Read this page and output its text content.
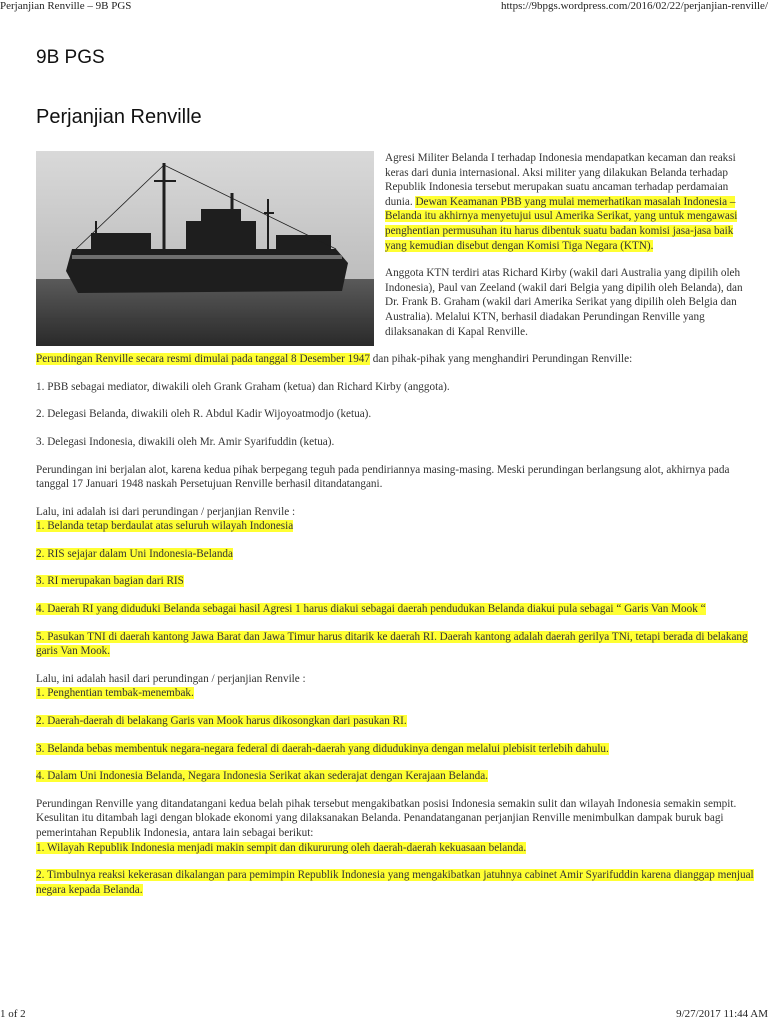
Perjanjian Renville – 9B PGS	https://9bpgs.wordpress.com/2016/02/22/perjanjian-renville/
9B PGS
Perjanjian Renville

Agresi Militer Belanda I terhadap Indonesia mendapatkan kecaman dan reaksi keras dari dunia internasional. Aksi militer yang dilakukan Belanda terhadap Republik Indonesia tersebut merupakan suatu ancaman terhadap perdamaian dunia. Dewan Keamanan PBB yang mulai memerhatikan masalah Indonesia – Belanda itu akhirnya menyetujui usul Amerika Serikat, yang untuk mengawasi penghentian permusuhan itu harus dibentuk suatu badan komisi jasa-jasa baik yang kemudian disebut dengan Komisi Tiga Negara (KTN).

Anggota KTN terdiri atas Richard Kirby (wakil dari Australia yang dipilih oleh Indonesia), Paul van Zeeland (wakil dari Belgia yang dipilih oleh Belanda), dan Dr. Frank B. Graham (wakil dari Amerika Serikat yang dipilih oleh Belgia dan Australia). Melalui KTN, berhasil diadakan Perundingan Renville yang dilaksanakan di Kapal Renville.

Perundingan Renville secara resmi dimulai pada tanggal 8 Desember 1947 dan pihak-pihak yang menghandiri Perundingan Renville:

1. PBB sebagai mediator, diwakili oleh Grank Graham (ketua) dan Richard Kirby (anggota).

2. Delegasi Belanda, diwakili oleh R. Abdul Kadir Wijoyoatmodjo (ketua).

3. Delegasi Indonesia, diwakili oleh Mr. Amir Syarifuddin (ketua).

Perundingan ini berjalan alot, karena kedua pihak berpegang teguh pada pendiriannya masing-masing. Meski perundingan berlangsung alot, akhirnya pada tanggal 17 Januari 1948 naskah Persetujuan Renville berhasil ditandatangani.

Lalu, ini adalah isi dari perundingan / perjanjian Renvile :

1. Belanda tetap berdaulat atas seluruh wilayah Indonesia

2. RIS sejajar dalam Uni Indonesia-Belanda

3. RI merupakan bagian dari RIS

4. Daerah RI yang diduduki Belanda sebagai hasil Agresi 1 harus diakui sebagai daerah pendudukan Belanda diakui pula sebagai “ Garis Van Mook “

5. Pasukan TNI di daerah kantong Jawa Barat dan Jawa Timur harus ditarik ke daerah RI. Daerah kantong adalah daerah gerilya TNi, tetapi berada di belakang garis Van Mook.

Lalu, ini adalah hasil dari perundingan / perjanjian Renvile :

1. Penghentian tembak-menembak.

2. Daerah-daerah di belakang Garis van Mook harus dikosongkan dari pasukan RI.

3. Belanda bebas membentuk negara-negara federal di daerah-daerah yang didudukinya dengan melalui plebisit terlebih dahulu.

4. Dalam Uni Indonesia Belanda, Negara Indonesia Serikat akan sederajat dengan Kerajaan Belanda.

Perundingan Renville yang ditandatangani kedua belah pihak tersebut mengakibatkan posisi Indonesia semakin sulit dan wilayah Indonesia semakin sempit. Kesulitan itu ditambah lagi dengan blokade ekonomi yang dilaksanakan Belanda. Penandatanganan perjanjian Renville menimbulkan dampak buruk bagi pemerintahan Republik Indonesia, antara lain sebagai berikut:

1. Wilayah Republik Indonesia menjadi makin sempit dan dikururung oleh daerah-daerah kekuasaan belanda.

2. Timbulnya reaksi kekerasan dikalangan para pemimpin Republik Indonesia yang mengakibatkan jatuhnya cabinet Amir Syarifuddin karena dianggap menjual negara kepada Belanda.

1 of 2	9/27/2017 11:44 AM
